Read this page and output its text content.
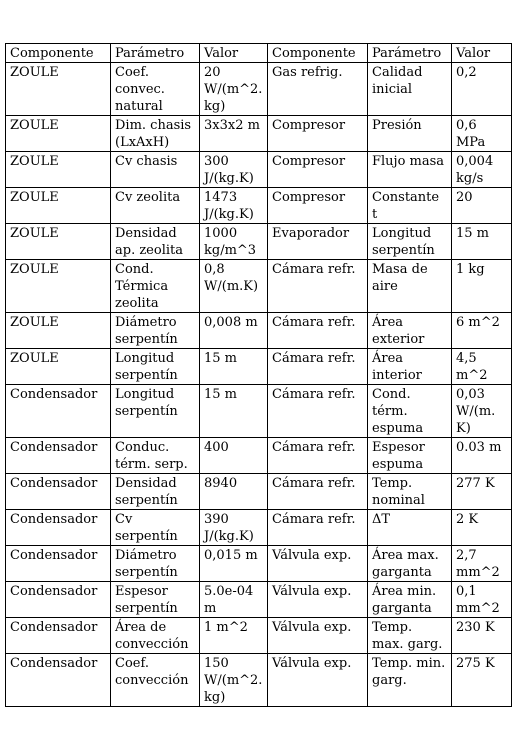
Componente	Parámetro	Valor	Componente	Parámetro	Valor
ZOULE	Coef. convec. natural	20 W/(m^2. kg)	Gas refrig.	Calidad inicial	0,2
ZOULE	Dim. chasis (LxAxH)	3x3x2 m	Compresor	Presión	0,6 MPa
ZOULE	Cv chasis	300 J/(kg.K)	Compresor	Flujo masa	0,004 kg/s
ZOULE	Cv zeolita	1473 J/(kg.K)	Compresor	Constante t	20
ZOULE	Densidad ap. zeolita	1000 kg/m^3	Evaporador	Longitud serpentín	15 m
ZOULE	Cond. Térmica zeolita	0,8 W/(m.K)	Cámara refr.	Masa de aire	1 kg
ZOULE	Diámetro serpentín	0,008 m	Cámara refr.	Área exterior	6 m^2
ZOULE	Longitud serpentín	15 m	Cámara refr.	Área interior	4,5 m^2
Condensador	Longitud serpentín	15 m	Cámara refr.	Cond. térm. espuma	0,03 W/(m. K)
Condensador	Conduc. térm. serp.	400	Cámara refr.	Espesor espuma	0.03 m
Condensador	Densidad serpentín	8940	Cámara refr.	Temp. nominal	277 K
Condensador	Cv serpentín	390 J/(kg.K)	Cámara refr.	ΔT	2 K
Condensador	Diámetro serpentín	0,015 m	Válvula exp.	Área max. garganta	2,7 mm^2
Condensador	Espesor serpentín	5.0e-04 m	Válvula exp.	Área min. garganta	0,1 mm^2
Condensador	Área de convección	1 m^2	Válvula exp.	Temp. max. garg.	230 K
Condensador	Coef. convección	150 W/(m^2. kg)	Válvula exp.	Temp. min. garg.	275 K
